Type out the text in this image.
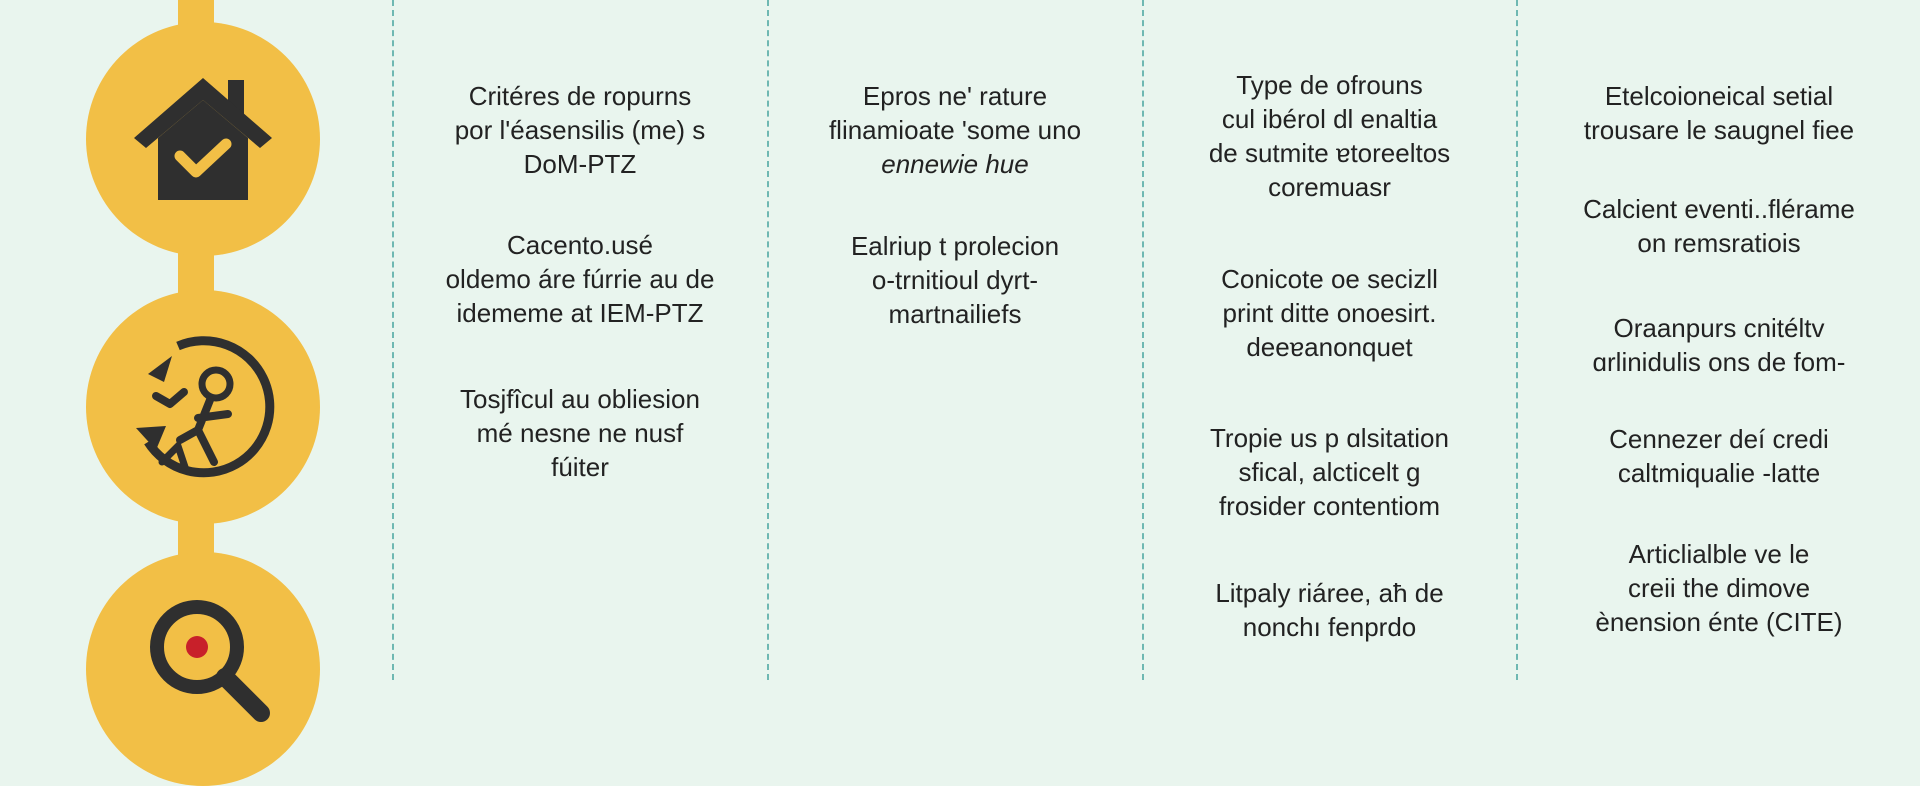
Critéres de ropurns
por l'éasensilis (me) s
DoM-PTZ
Cacento.usé
oldemo áre fúrrie au de
idememe at IEM-PTZ
Tosjfîcul au obliesion
mé nesne ne nusf
fúiter
Epros ne' rature
flinamioate 'some uno
ennewie hue
Ealriup t prolecion
o-trnitioul dyrt-
martnailiefs
Type de ofrouns
cul ibérol dl enaltia
de sutmite ɐtoreeltos
coremuasr
Conicote oe secizll
print ditte onoesirt.
deeɐanonquet
Tropie us p ɑlsitation
sfical, alcticelt g
frosider contentiom
Litpaly riáree, aħ de
nonchı fenprdo
Etelcoioneical setial
trousare le saugnel fiee
Calcient eventi..flérame
on remsratiois
Oraanpurs cnitéltv
ɑrlinidulis ons de fom-
Cennezer deí credi
caltmiqualie -latte
Articlialble ve le
creii the dimove
ènension énte (CITE)
